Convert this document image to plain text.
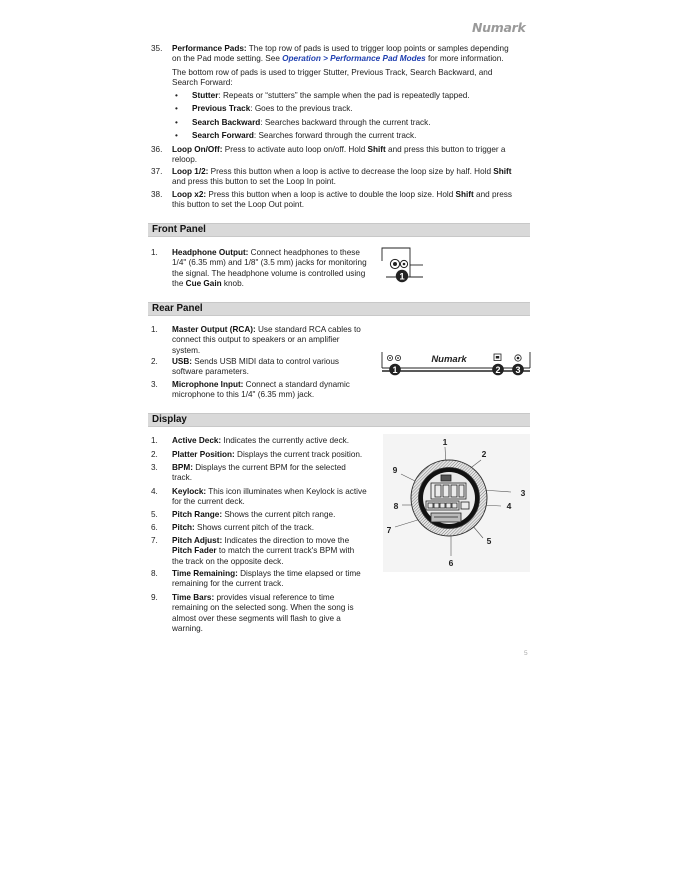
Numark
35. Performance Pads: The top row of pads is used to trigger loop points or samples depending
on the Pad mode setting. See Operation > Performance Pad Modes for more information.
The bottom row of pads is used to trigger Stutter, Previous Track, Search Backward, and
Search Forward:
• Stutter: Repeats or “stutters” the sample when the pad is repeatedly tapped.
• Previous Track: Goes to the previous track.
• Search Backward: Searches backward through the current track.
• Search Forward: Searches forward through the current track.
36. Loop On/Off: Press to activate auto loop on/off. Hold Shift and press this button to trigger a
reloop.
37. Loop 1/2: Press this button when a loop is active to decrease the loop size by half. Hold Shift
and press this button to set the Loop In point.
38. Loop x2: Press this button when a loop is active to double the loop size. Hold Shift and press
this button to set the Loop Out point.
Front Panel
1. Headphone Output: Connect headphones to these
1/4" (6.35 mm) and 1/8" (3.5 mm) jacks for monitoring
the signal. The headphone volume is controlled using
the Cue Gain knob.
1
Rear Panel
1. Master Output (RCA): Use standard RCA cables to
connect this output to speakers or an amplifier
system.
2. USB: Sends USB MIDI data to control various
software parameters.
3. Microphone Input: Connect a standard dynamic
microphone to this 1/4" (6.35 mm) jack.
Numark
1	2 3
Display
1. Active Deck: Indicates the currently active deck.
2. Platter Position: Displays the current track position.
3. BPM: Displays the current BPM for the selected
track.
4. Keylock: This icon illuminates when Keylock is active
for the current deck.
5. Pitch Range: Shows the current pitch range.
6. Pitch: Shows current pitch of the track.
7. Pitch Adjust: Indicates the direction to move the
Pitch Fader to match the current track's BPM with
the track on the opposite deck.
8. Time Remaining: Displays the time elapsed or time
remaining for the current track.
9. Time Bars: provides visual reference to time
remaining on the selected song. When the song is
almost over these segments will flash to give a
warning.
1
2
3
4
5
6
7
8
9
5
